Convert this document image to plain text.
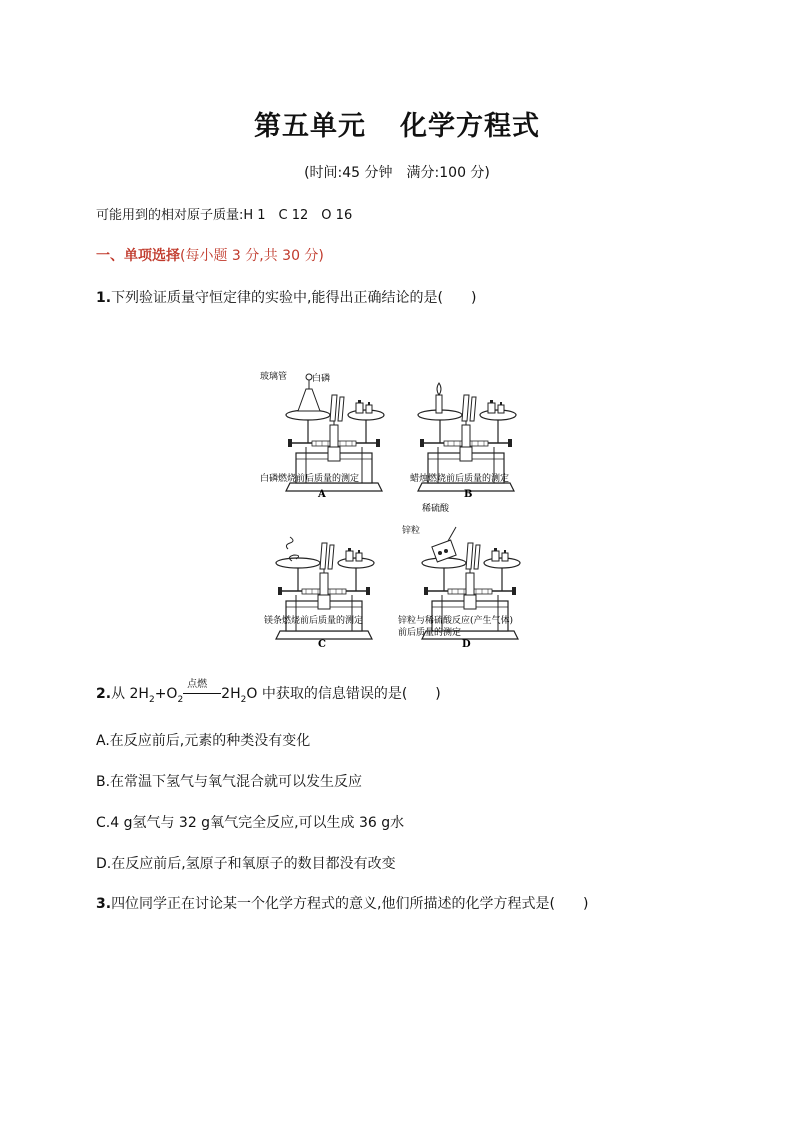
第五单元 化学方程式
(时间:45 分钟　满分:100 分)
可能用到的相对原子质量:H 1　C 12　O 16
一、单项选择(每小题 3 分,共 30 分)
1.下列验证质量守恒定律的实验中,能得出正确结论的是( )
玻璃管	白磷
稀硫酸
锌粒
白磷燃烧前后质量的测定
A
蜡烛燃烧前后质量的测定
B
镁条燃烧前后质量的测定
C
锌粒与稀硫酸反应(产生气体)
前后质量的测定
D
2.从 $2H_2+O_2$
点燃
$2H_2O$ 中获取的信息错误的是( )
A.在反应前后,元素的种类没有变化
B.在常温下氢气与氧气混合就可以发生反应
C.4 g氢气与 32 g氧气完全反应,可以生成 36 g水
D.在反应前后,氢原子和氧原子的数目都没有改变
3.四位同学正在讨论某一个化学方程式的意义,他们所描述的化学方程式是( )
